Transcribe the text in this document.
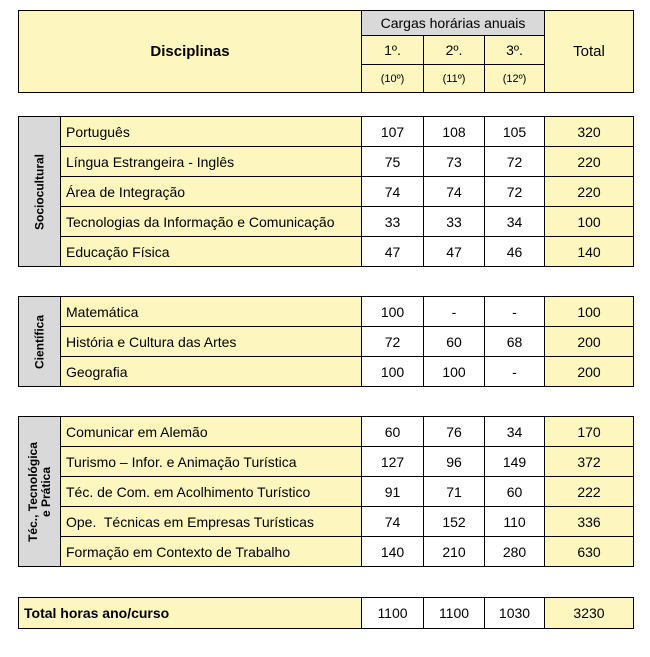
Disciplinas	Cargas horárias anuais			Total
	1º.	2º.	3º.	
	(10º)	(11º)	(12º)	
Sociocultural	Português	107	108	105	320
	Língua Estrangeira - Inglês	75	73	72	220
	Área de Integração	74	74	72	220
	Tecnologias da Informação e Comunicação	33	33	34	100
	Educação Física	47	47	46	140
Científica	Matemática	100	-	-	100
	História e Cultura das Artes	72	60	68	200
	Geografia	100	100	-	200
Téc., Tecnológica e Prática	Comunicar em Alemão	60	76	34	170
	Turismo – Infor. e Animação Turística	127	96	149	372
	Téc. de Com. em Acolhimento Turístico	91	71	60	222
	Ope.  Técnicas em Empresas Turísticas	74	152	110	336
	Formação em Contexto de Trabalho	140	210	280	630
Total horas ano/curso	1100	1100	1030	3230
